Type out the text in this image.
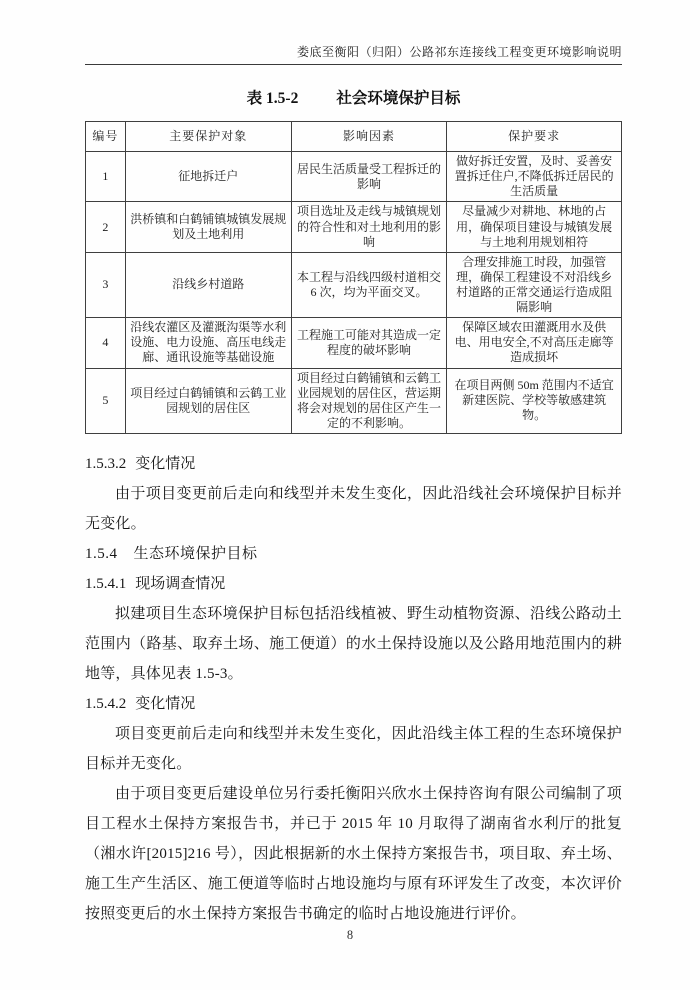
娄底至衡阳（归阳）公路祁东连接线工程变更环境影响说明
表 1.5-2 社会环境保护目标
编号	主要保护对象	影响因素	保护要求
1	征地拆迁户	居民生活质量受工程拆迁的影响	做好拆迁安置，及时、妥善安置拆迁住户,不降低拆迁居民的生活质量
2	洪桥镇和白鹤铺镇城镇发展规划及土地利用	项目选址及走线与城镇规划的符合性和对土地利用的影响	尽量减少对耕地、林地的占用，确保项目建设与城镇发展与土地利用规划相符
3	沿线乡村道路	本工程与沿线四级村道相交 6 次，均为平面交叉。	合理安排施工时段，加强管理，确保工程建设不对沿线乡村道路的正常交通运行造成阻隔影响
4	沿线农灌区及灌溉沟渠等水利设施、电力设施、高压电线走廊、通讯设施等基础设施	工程施工可能对其造成一定程度的破坏影响	保障区域农田灌溉用水及供电、用电安全,不对高压走廊等造成损坏
5	项目经过白鹤铺镇和云鹤工业园规划的居住区	项目经过白鹤铺镇和云鹤工业园规划的居住区，营运期将会对规划的居住区产生一定的不利影响。	在项目两侧 50m 范围内不适宜新建医院、学校等敏感建筑物。
1.5.3.2 变化情况

由于项目变更前后走向和线型并未发生变化，因此沿线社会环境保护目标并无变化。

1.5.4 生态环境保护目标
1.5.4.1 现场调查情况

拟建项目生态环境保护目标包括沿线植被、野生动植物资源、沿线公路动土范围内（路基、取弃土场、施工便道）的水土保持设施以及公路用地范围内的耕地等，具体见表 1.5-3。

1.5.4.2 变化情况

项目变更前后走向和线型并未发生变化，因此沿线主体工程的生态环境保护目标并无变化。

由于项目变更后建设单位另行委托衡阳兴欣水土保持咨询有限公司编制了项目工程水土保持方案报告书，并已于 2015 年 10 月取得了湖南省水利厅的批复（湘水许[2015]216 号），因此根据新的水土保持方案报告书，项目取、弃土场、施工生产生活区、施工便道等临时占地设施均与原有环评发生了改变，本次评价按照变更后的水土保持方案报告书确定的临时占地设施进行评价。

8
